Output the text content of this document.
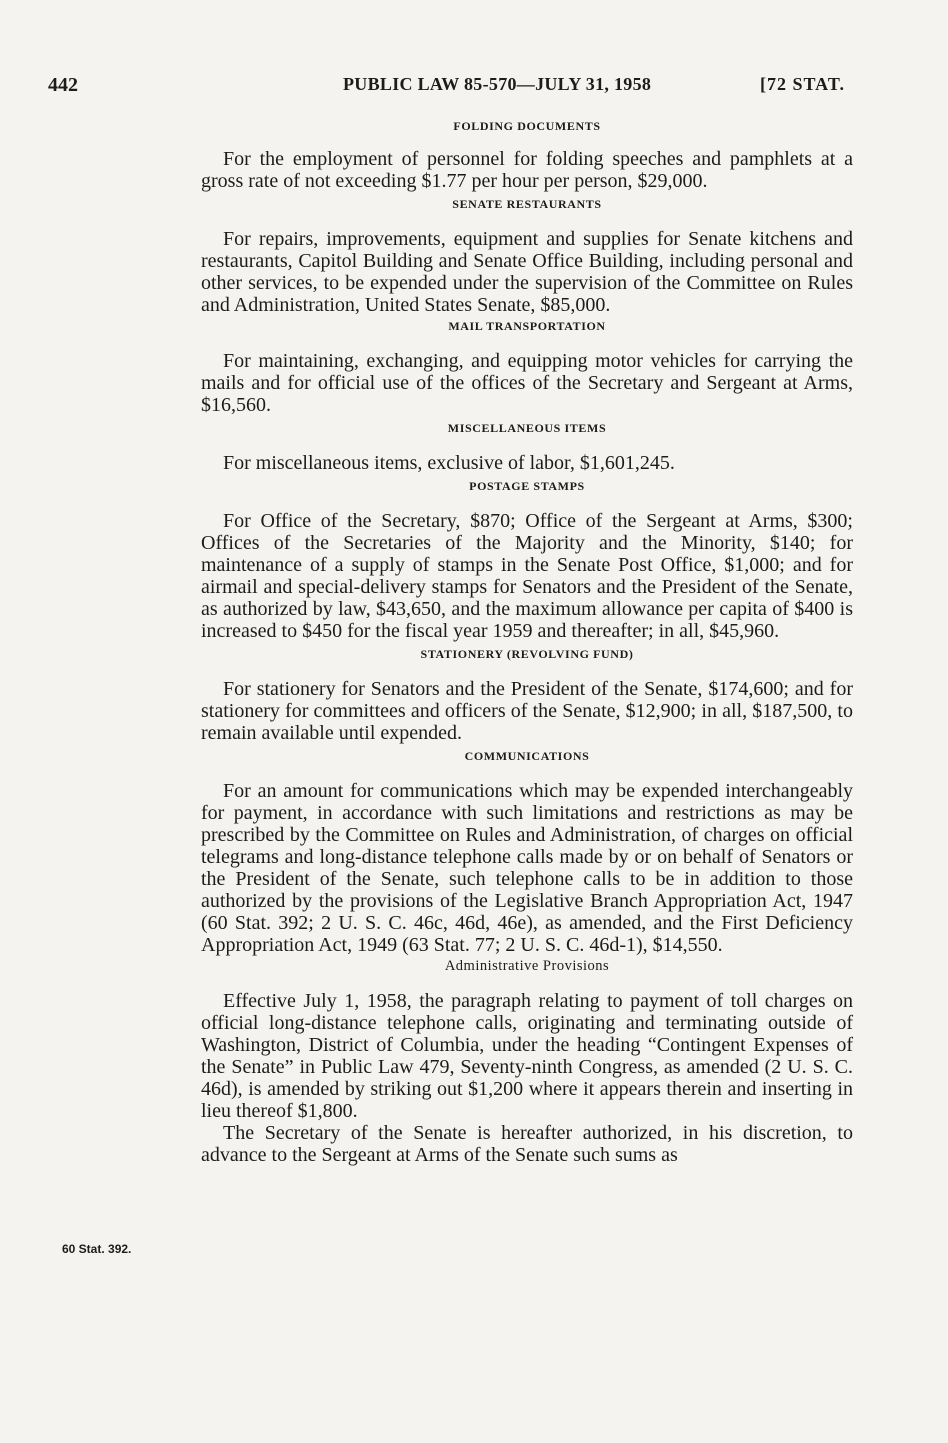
442	PUBLIC LAW 85-570—JULY 31, 1958	[72 STAT.
FOLDING DOCUMENTS

For the employment of personnel for folding speeches and pamphlets at a gross rate of not exceeding $1.77 per hour per person, $29,000.

SENATE RESTAURANTS

For repairs, improvements, equipment and supplies for Senate kitchens and restaurants, Capitol Building and Senate Office Building, including personal and other services, to be expended under the supervision of the Committee on Rules and Administration, United States Senate, $85,000.

MAIL TRANSPORTATION

For maintaining, exchanging, and equipping motor vehicles for carrying the mails and for official use of the offices of the Secretary and Sergeant at Arms, $16,560.

MISCELLANEOUS ITEMS

For miscellaneous items, exclusive of labor, $1,601,245.

POSTAGE STAMPS

For Office of the Secretary, $870; Office of the Sergeant at Arms, $300; Offices of the Secretaries of the Majority and the Minority, $140; for maintenance of a supply of stamps in the Senate Post Office, $1,000; and for airmail and special-delivery stamps for Senators and the President of the Senate, as authorized by law, $43,650, and the maximum allowance per capita of $400 is increased to $450 for the fiscal year 1959 and thereafter; in all, $45,960.

STATIONERY (REVOLVING FUND)

For stationery for Senators and the President of the Senate, $174,600; and for stationery for committees and officers of the Senate, $12,900; in all, $187,500, to remain available until expended.

COMMUNICATIONS

For an amount for communications which may be expended interchangeably for payment, in accordance with such limitations and restrictions as may be prescribed by the Committee on Rules and Administration, of charges on official telegrams and long-distance telephone calls made by or on behalf of Senators or the President of the Senate, such telephone calls to be in addition to those authorized by the provisions of the Legislative Branch Appropriation Act, 1947 (60 Stat. 392; 2 U. S. C. 46c, 46d, 46e), as amended, and the First Deficiency Appropriation Act, 1949 (63 Stat. 77; 2 U. S. C. 46d-1), $14,550.

Administrative Provisions

Effective July 1, 1958, the paragraph relating to payment of toll charges on official long-distance telephone calls, originating and terminating outside of Washington, District of Columbia, under the heading “Contingent Expenses of the Senate” in Public Law 479, Seventy-ninth Congress, as amended (2 U. S. C. 46d), is amended by striking out $1,200 where it appears therein and inserting in lieu thereof $1,800.

The Secretary of the Senate is hereafter authorized, in his discretion, to advance to the Sergeant at Arms of the Senate such sums as

60 Stat. 392.
